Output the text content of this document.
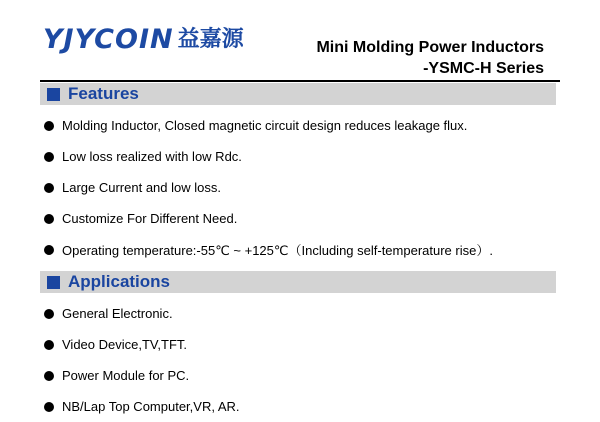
YJYCOIN 益嘉源	Mini Molding Power Inductors
-YSMC-H Series
Features
Molding Inductor, Closed magnetic circuit design reduces leakage flux.
Low loss realized with low Rdc.
Large Current and low loss.
Customize For Different Need.
Operating temperature:-55℃ ~ +125℃（Including self-temperature rise）.
Applications
General Electronic.
Video Device,TV,TFT.
Power Module for PC.
NB/Lap Top Computer,VR, AR.
